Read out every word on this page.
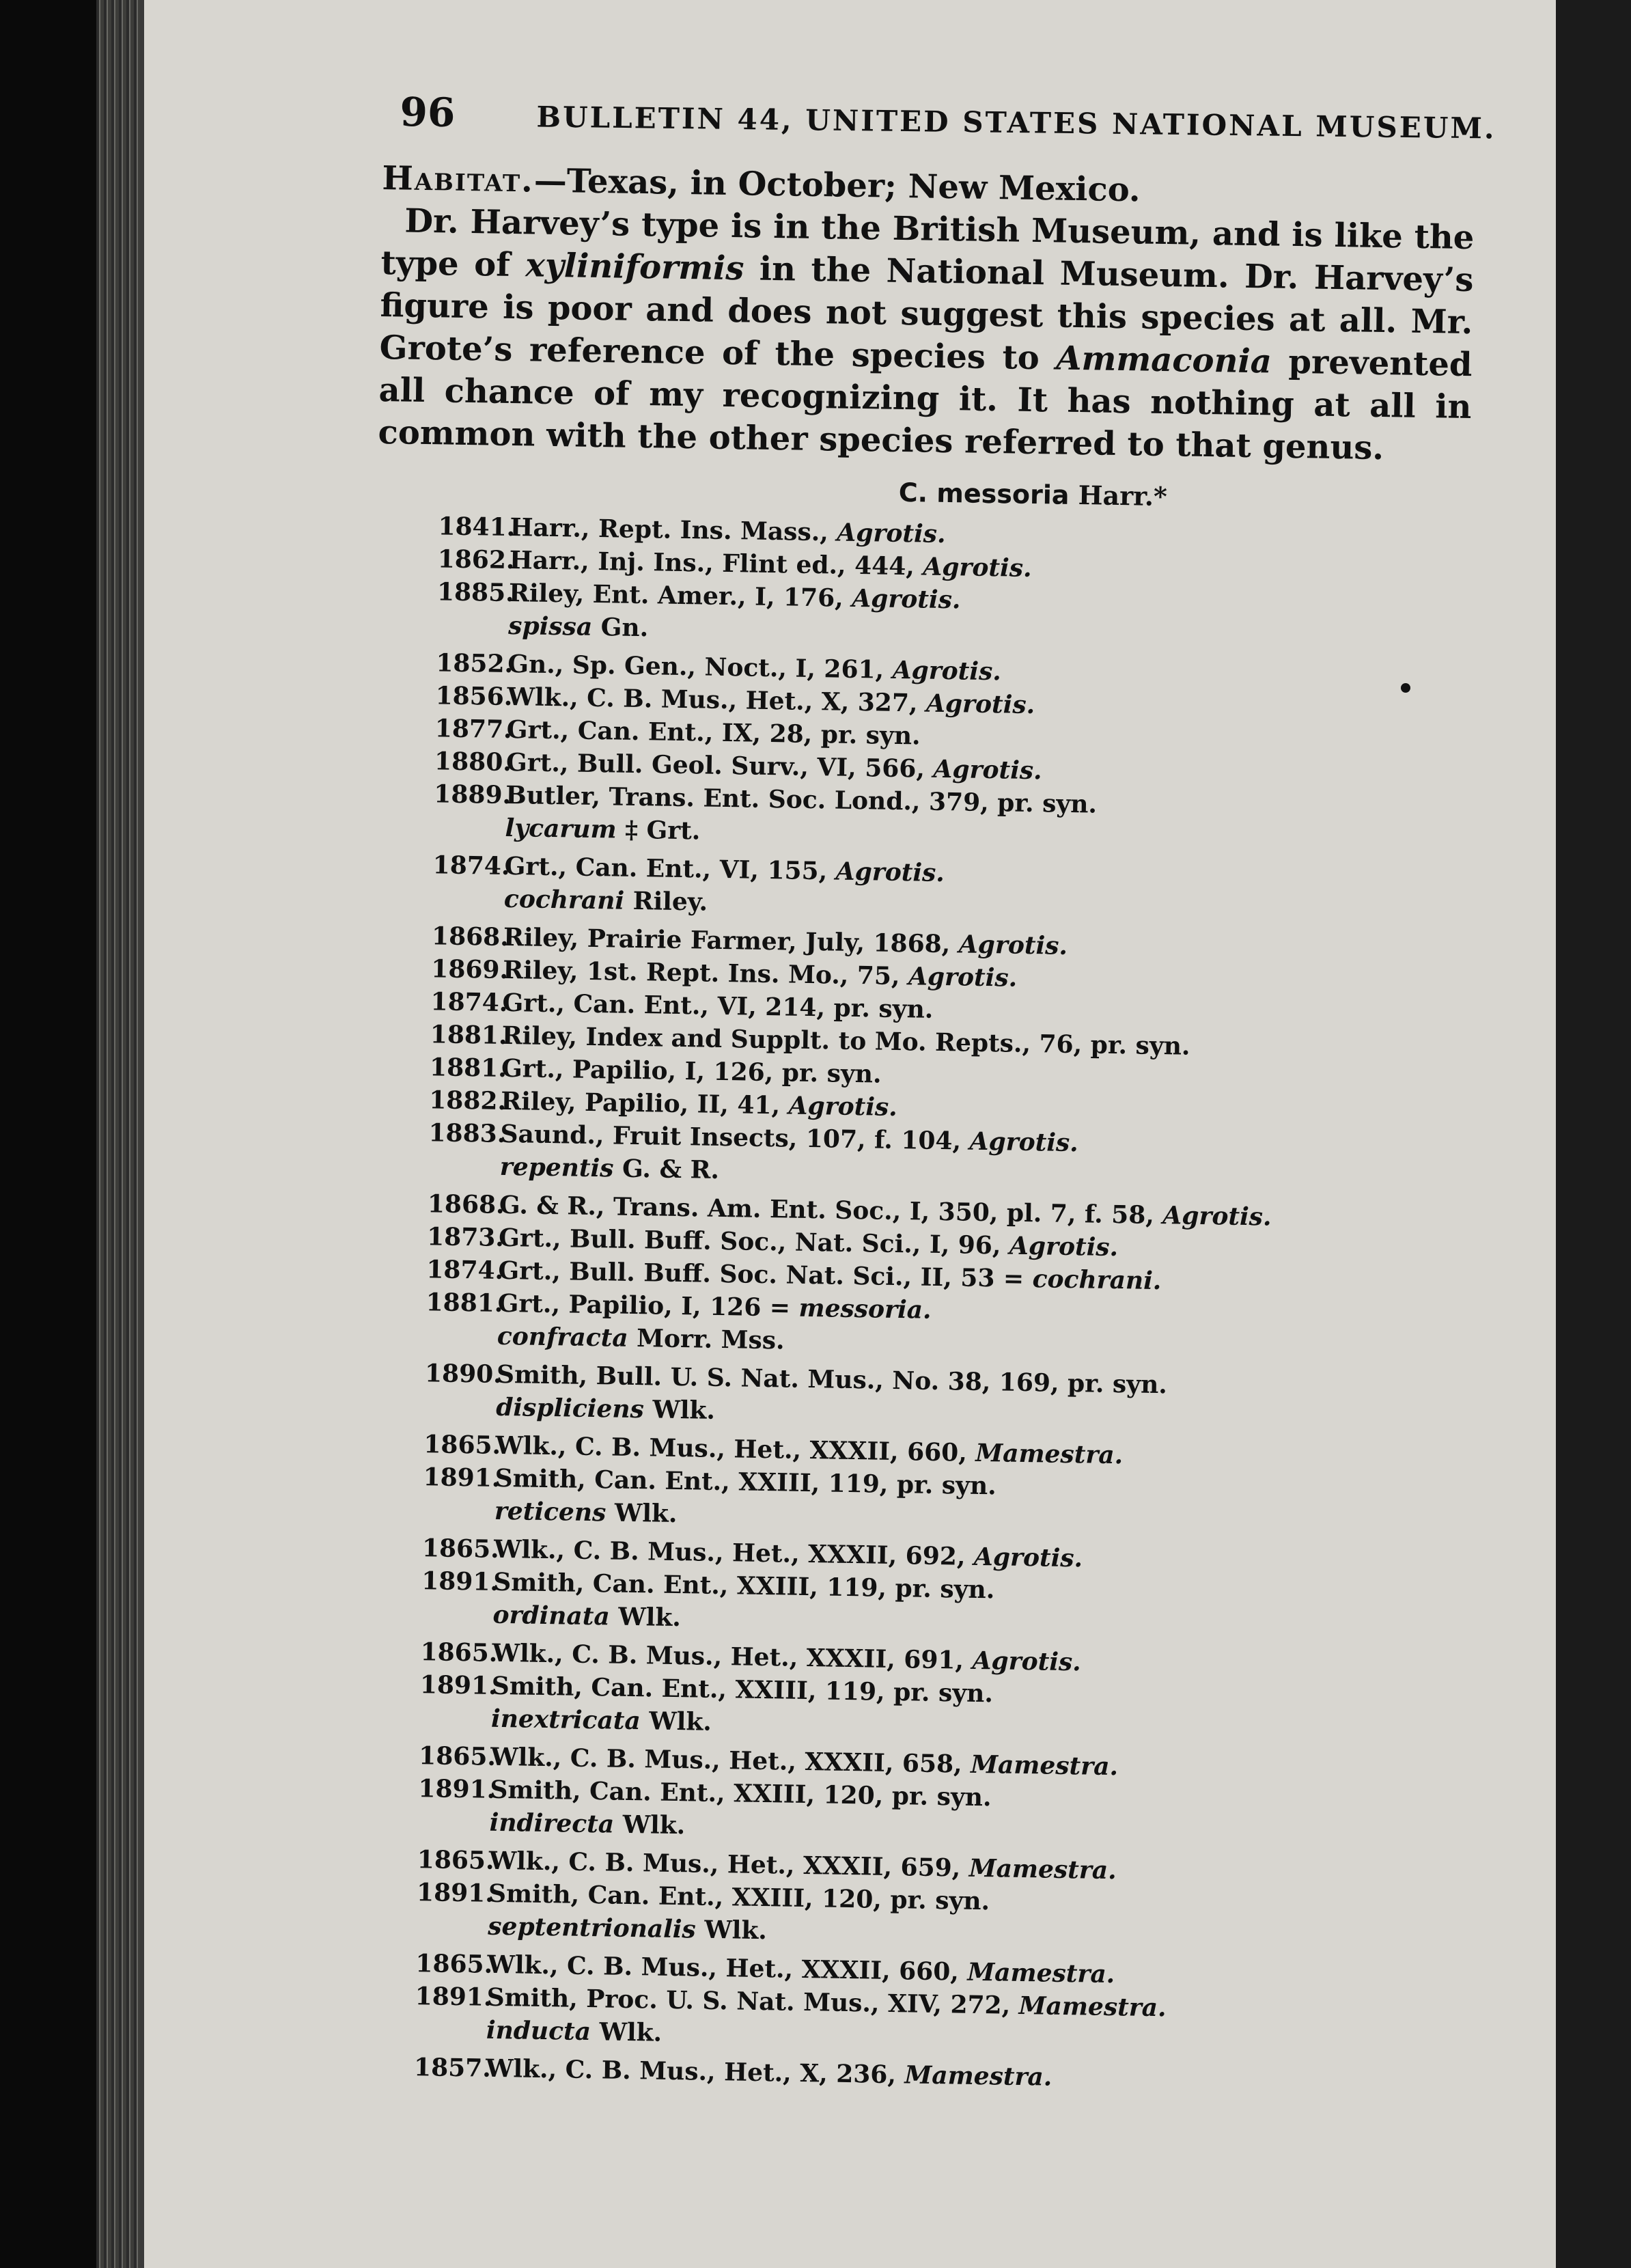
96	BULLETIN 44, UNITED STATES NATIONAL MUSEUM.

Habitat.—Texas, in October; New Mexico.

Dr. Harvey’s type is in the British Museum, and is like the type of xyliniformis in the National Museum. Dr. Harvey’s figure is poor and does not suggest this species at all. Mr. Grote’s reference of the species to Ammaconia prevented all chance of my recognizing it. It has nothing at all in common with the other species referred to that genus.

C. messoria Harr.*
1841.Harr., Rept. Ins. Mass., Agrotis.
1862.Harr., Inj. Ins., Flint ed., 444, Agrotis.
1885.Riley, Ent. Amer., I, 176, Agrotis.
spissa Gn.
1852.Gn., Sp. Gen., Noct., I, 261, Agrotis.
1856.Wlk., C. B. Mus., Het., X, 327, Agrotis.
1877.Grt., Can. Ent., IX, 28, pr. syn.
1880.Grt., Bull. Geol. Surv., VI, 566, Agrotis.
1889.Butler, Trans. Ent. Soc. Lond., 379, pr. syn.
lycarum ‡ Grt.
1874.Grt., Can. Ent., VI, 155, Agrotis.
cochrani Riley.
1868.Riley, Prairie Farmer, July, 1868, Agrotis.
1869.Riley, 1st. Rept. Ins. Mo., 75, Agrotis.
1874.Grt., Can. Ent., VI, 214, pr. syn.
1881.Riley, Index and Supplt. to Mo. Repts., 76, pr. syn.
1881.Grt., Papilio, I, 126, pr. syn.
1882.Riley, Papilio, II, 41, Agrotis.
1883.Saund., Fruit Insects, 107, f. 104, Agrotis.
repentis G. & R.
1868.G. & R., Trans. Am. Ent. Soc., I, 350, pl. 7, f. 58, Agrotis.
1873.Grt., Bull. Buff. Soc., Nat. Sci., I, 96, Agrotis.
1874.Grt., Bull. Buff. Soc. Nat. Sci., II, 53 = cochrani.
1881.Grt., Papilio, I, 126 = messoria.
confracta Morr. Mss.
1890.Smith, Bull. U. S. Nat. Mus., No. 38, 169, pr. syn.
displiciens Wlk.
1865.Wlk., C. B. Mus., Het., XXXII, 660, Mamestra.
1891.Smith, Can. Ent., XXIII, 119, pr. syn.
reticens Wlk.
1865.Wlk., C. B. Mus., Het., XXXII, 692, Agrotis.
1891.Smith, Can. Ent., XXIII, 119, pr. syn.
ordinata Wlk.
1865.Wlk., C. B. Mus., Het., XXXII, 691, Agrotis.
1891.Smith, Can. Ent., XXIII, 119, pr. syn.
inextricata Wlk.
1865.Wlk., C. B. Mus., Het., XXXII, 658, Mamestra.
1891.Smith, Can. Ent., XXIII, 120, pr. syn.
indirecta Wlk.
1865.Wlk., C. B. Mus., Het., XXXII, 659, Mamestra.
1891.Smith, Can. Ent., XXIII, 120, pr. syn.
septentrionalis Wlk.
1865.Wlk., C. B. Mus., Het., XXXII, 660, Mamestra.
1891.Smith, Proc. U. S. Nat. Mus., XIV, 272, Mamestra.
inducta Wlk.
1857.Wlk., C. B. Mus., Het., X, 236, Mamestra.
